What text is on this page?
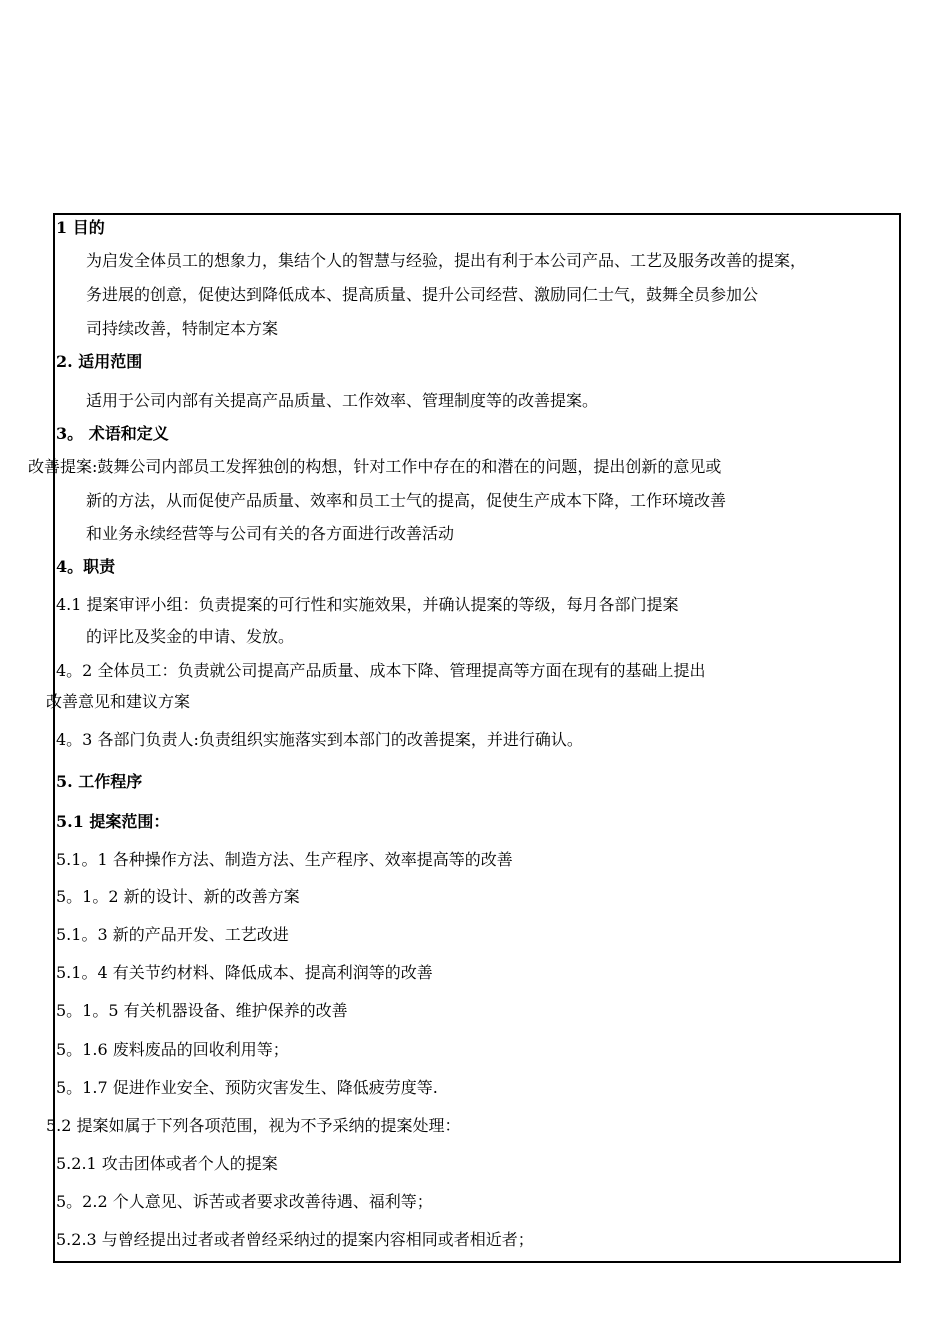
1 目的
为启发全体员工的想象力，集结个人的智慧与经验，提出有利于本公司产品、工艺及服务改善的提案，
务进展的创意，促使达到降低成本、提高质量、提升公司经营、激励同仁士气，鼓舞全员参加公
司持续改善，特制定本方案
2. 适用范围
适用于公司内部有关提高产品质量、工作效率、管理制度等的改善提案。
3。 术语和定义
改善提案:鼓舞公司内部员工发挥独创的构想，针对工作中存在的和潜在的问题，提出创新的意见或
新的方法，从而促使产品质量、效率和员工士气的提高，促使生产成本下降，工作环境改善
和业务永续经营等与公司有关的各方面进行改善活动
4。职责
4.1 提案审评小组：负责提案的可行性和实施效果，并确认提案的等级，每月各部门提案
的评比及奖金的申请、发放。
4。2 全体员工：负责就公司提高产品质量、成本下降、管理提高等方面在现有的基础上提出
改善意见和建议方案
4。3 各部门负责人:负责组织实施落实到本部门的改善提案，并进行确认。
5. 工作程序
5.1 提案范围：
5.1。1 各种操作方法、制造方法、生产程序、效率提高等的改善
5。1。2 新的设计、新的改善方案
5.1。3 新的产品开发、工艺改进
5.1。4 有关节约材料、降低成本、提高利润等的改善
5。1。5 有关机器设备、维护保养的改善
5。1.6 废料废品的回收利用等；
5。1.7 促进作业安全、预防灾害发生、降低疲劳度等.
5.2 提案如属于下列各项范围，视为不予采纳的提案处理：
5.2.1 攻击团体或者个人的提案
5。2.2 个人意见、诉苦或者要求改善待遇、福利等；
5.2.3 与曾经提出过者或者曾经采纳过的提案内容相同或者相近者；
